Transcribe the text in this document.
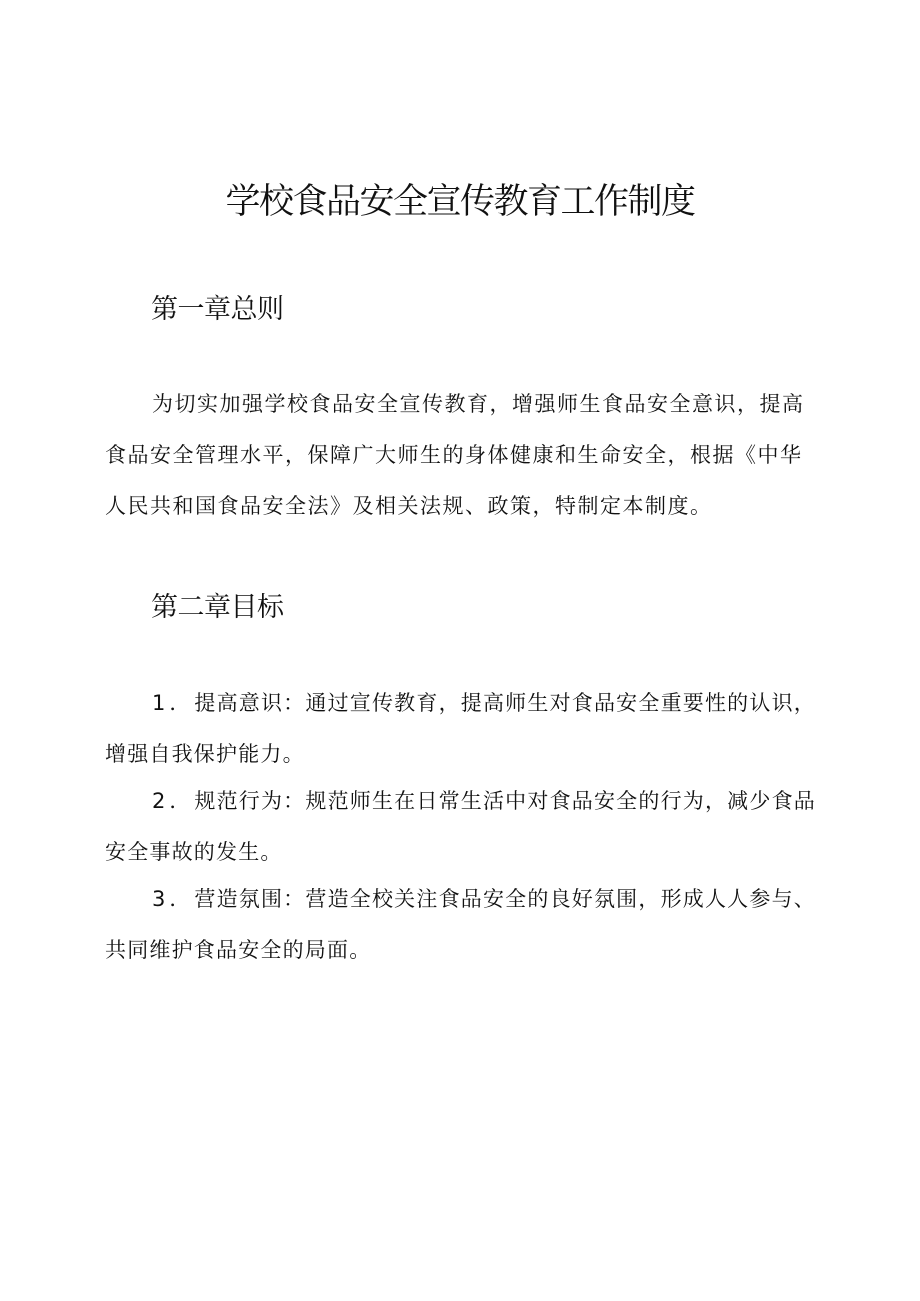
学校食品安全宣传教育工作制度
第一章总则

为切实加强学校食品安全宣传教育，增强师生食品安全意识，提高食品安全管理水平，保障广大师生的身体健康和生命安全，根据《中华人民共和国食品安全法》及相关法规、政策，特制定本制度。

第二章目标

1．提高意识：通过宣传教育，提高师生对食品安全重要性的认识，增强自我保护能力。

2．规范行为：规范师生在日常生活中对食品安全的行为，减少食品安全事故的发生。

3．营造氛围：营造全校关注食品安全的良好氛围，形成人人参与、共同维护食品安全的局面。
